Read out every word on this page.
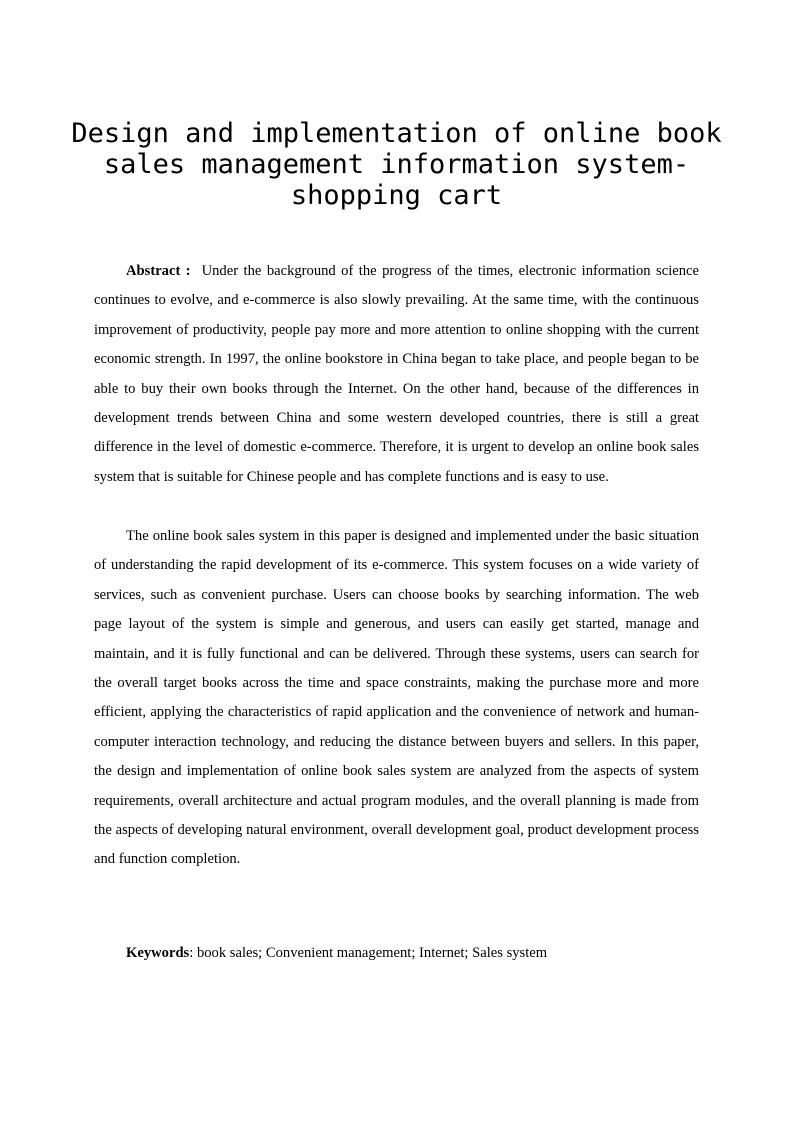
Design and implementation of online book sales management information system-shopping cart

Abstract : Under the background of the progress of the times, electronic information science continues to evolve, and e-commerce is also slowly prevailing. At the same time, with the continuous improvement of productivity, people pay more and more attention to online shopping with the current economic strength. In 1997, the online bookstore in China began to take place, and people began to be able to buy their own books through the Internet. On the other hand, because of the differences in development trends between China and some western developed countries, there is still a great difference in the level of domestic e-commerce. Therefore, it is urgent to develop an online book sales system that is suitable for Chinese people and has complete functions and is easy to use.

The online book sales system in this paper is designed and implemented under the basic situation of understanding the rapid development of its e-commerce. This system focuses on a wide variety of services, such as convenient purchase. Users can choose books by searching information. The web page layout of the system is simple and generous, and users can easily get started, manage and maintain, and it is fully functional and can be delivered. Through these systems, users can search for the overall target books across the time and space constraints, making the purchase more and more efficient, applying the characteristics of rapid application and the convenience of network and human-computer interaction technology, and reducing the distance between buyers and sellers. In this paper, the design and implementation of online book sales system are analyzed from the aspects of system requirements, overall architecture and actual program modules, and the overall planning is made from the aspects of developing natural environment, overall development goal, product development process and function completion.

Keywords: book sales; Convenient management; Internet; Sales system
